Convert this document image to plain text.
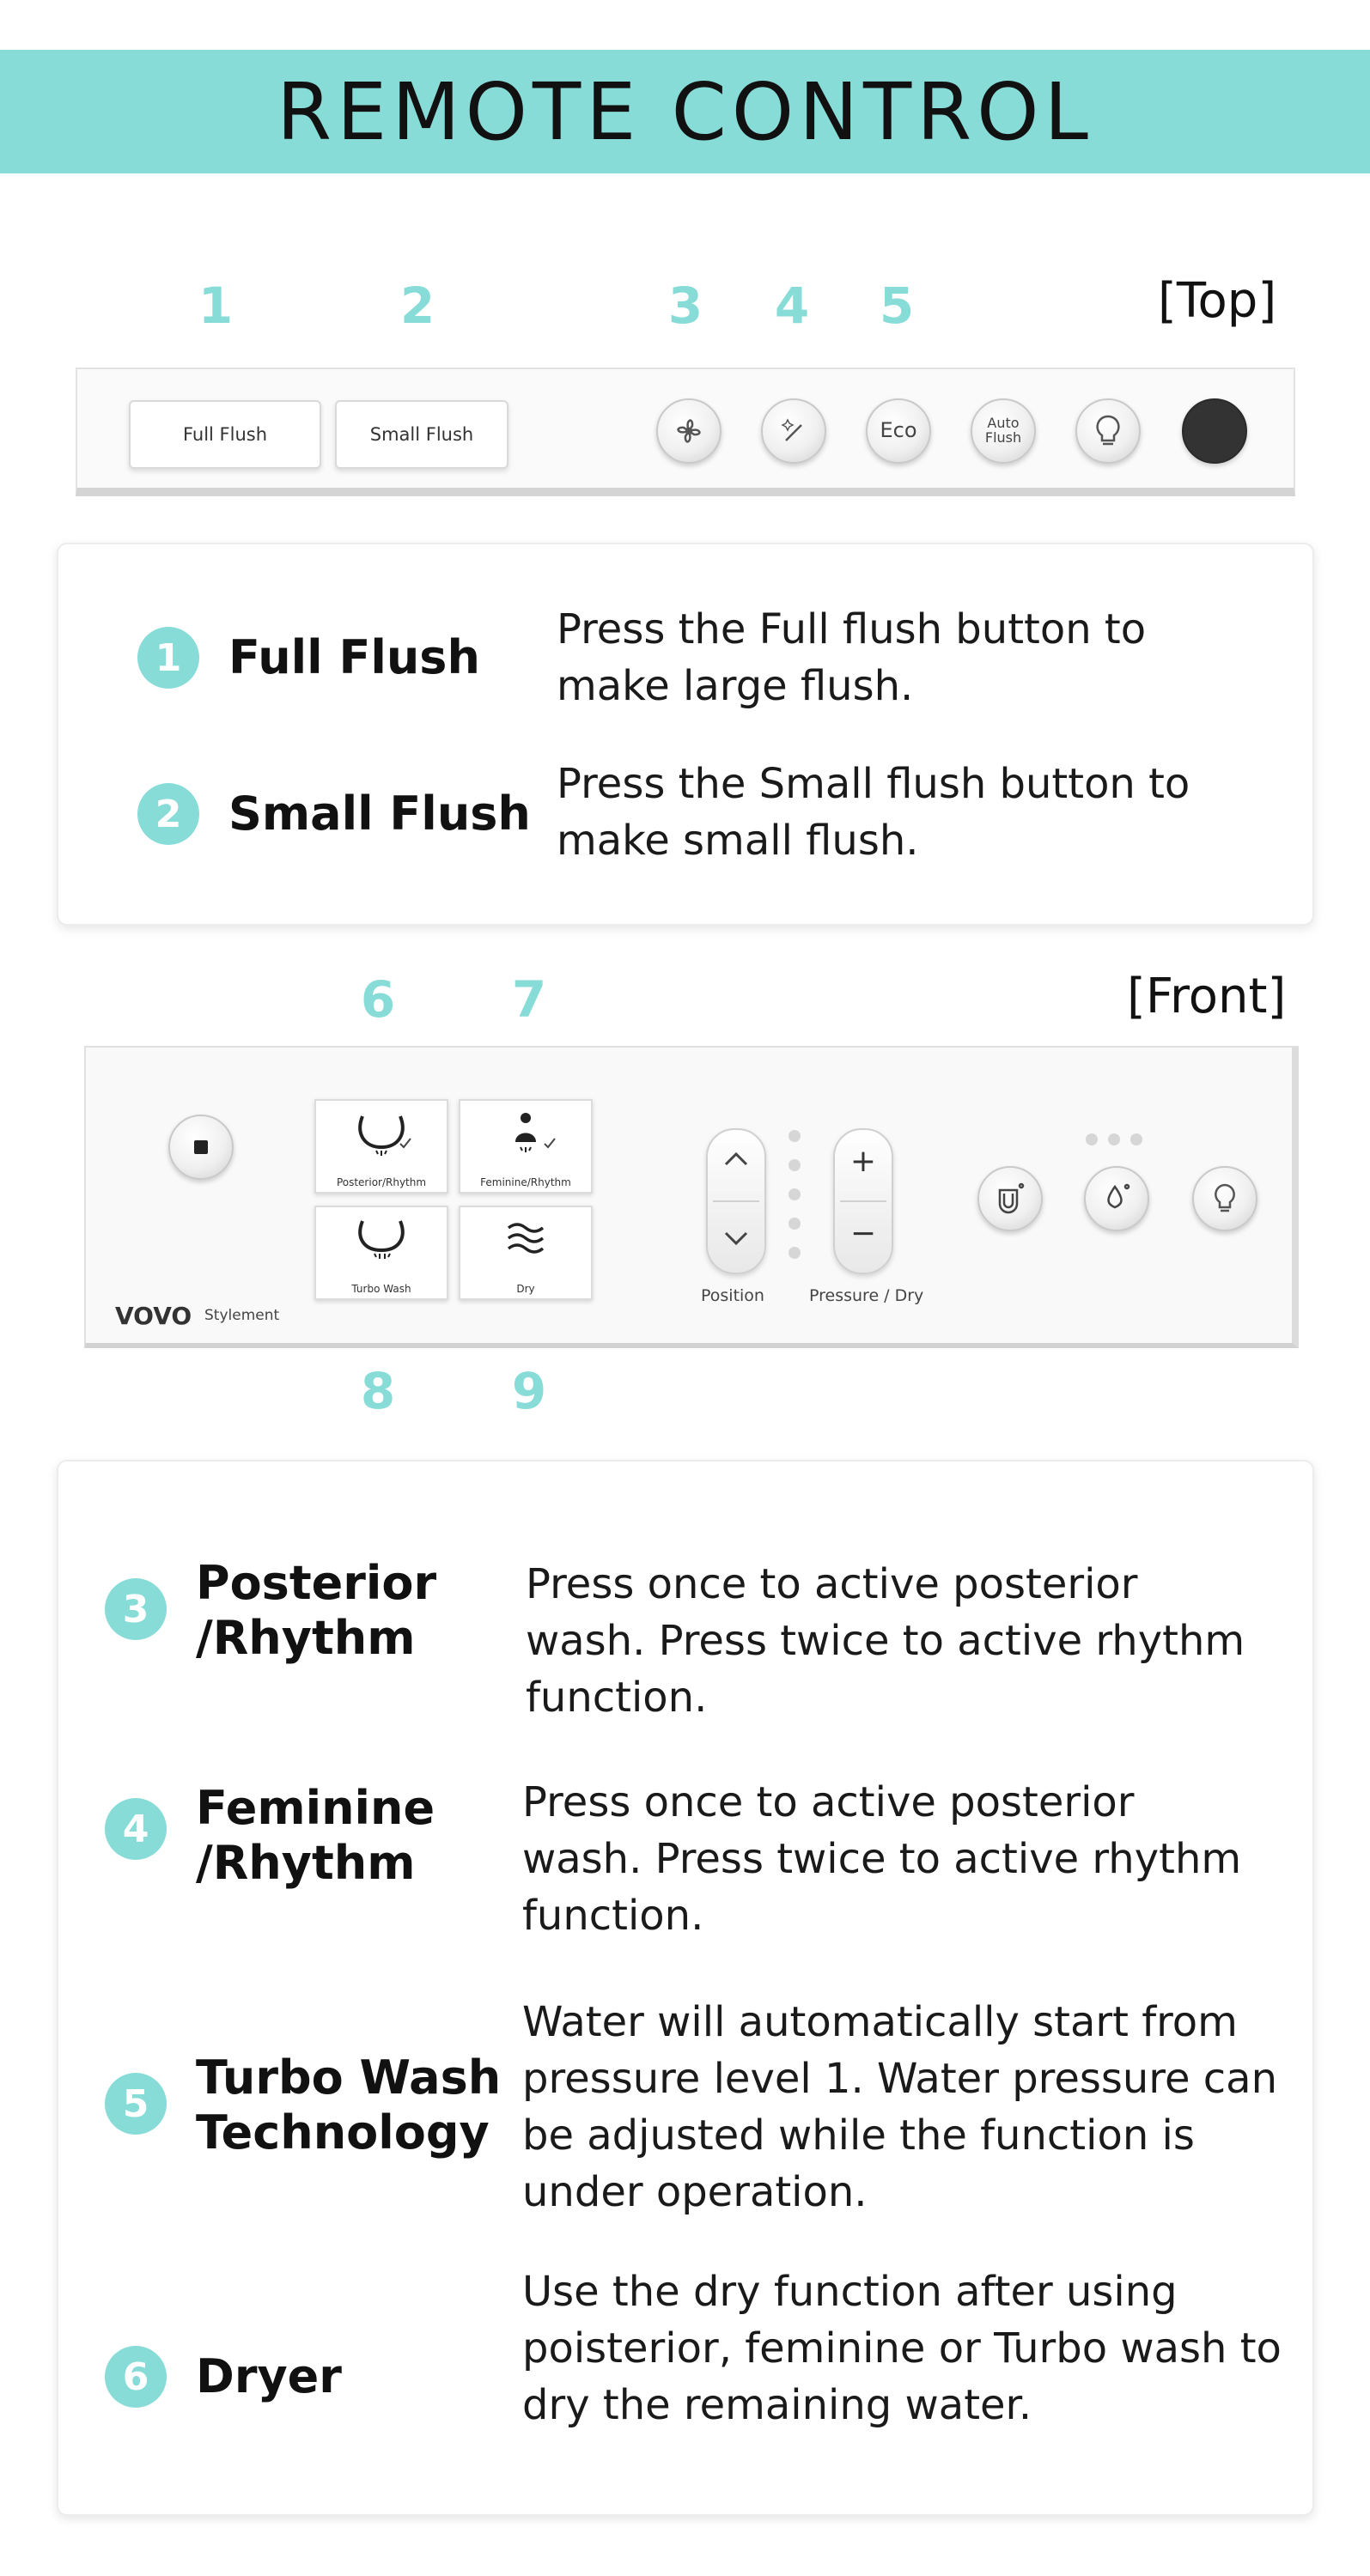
REMOTE CONTROL
1	2	3	4	5	[Top]
Full Flush	Small Flush	Eco	Auto
Flush
1	Full Flush
Press the Full flush button to make large flush.
2	Small Flush
Press the Small flush button to make small flush.
6	7	[Front]
Posterior/Rhythm	Feminine/Rhythm
Turbo Wash	Dry
VOVO Stylement
Position
+
−
Pressure / Dry
8	9
3	Posterior
/Rhythm
Press once to active posterior wash. Press twice to active rhythm function.
4	Feminine
/Rhythm
Press once to active posterior wash. Press twice to active rhythm function.
5	Turbo Wash
Technology
Water will automatically start from pressure level 1. Water pressure can be adjusted while the function is under operation.
6	Dryer
Use the dry function after using poisterior, feminine or Turbo wash to dry the remaining water.
